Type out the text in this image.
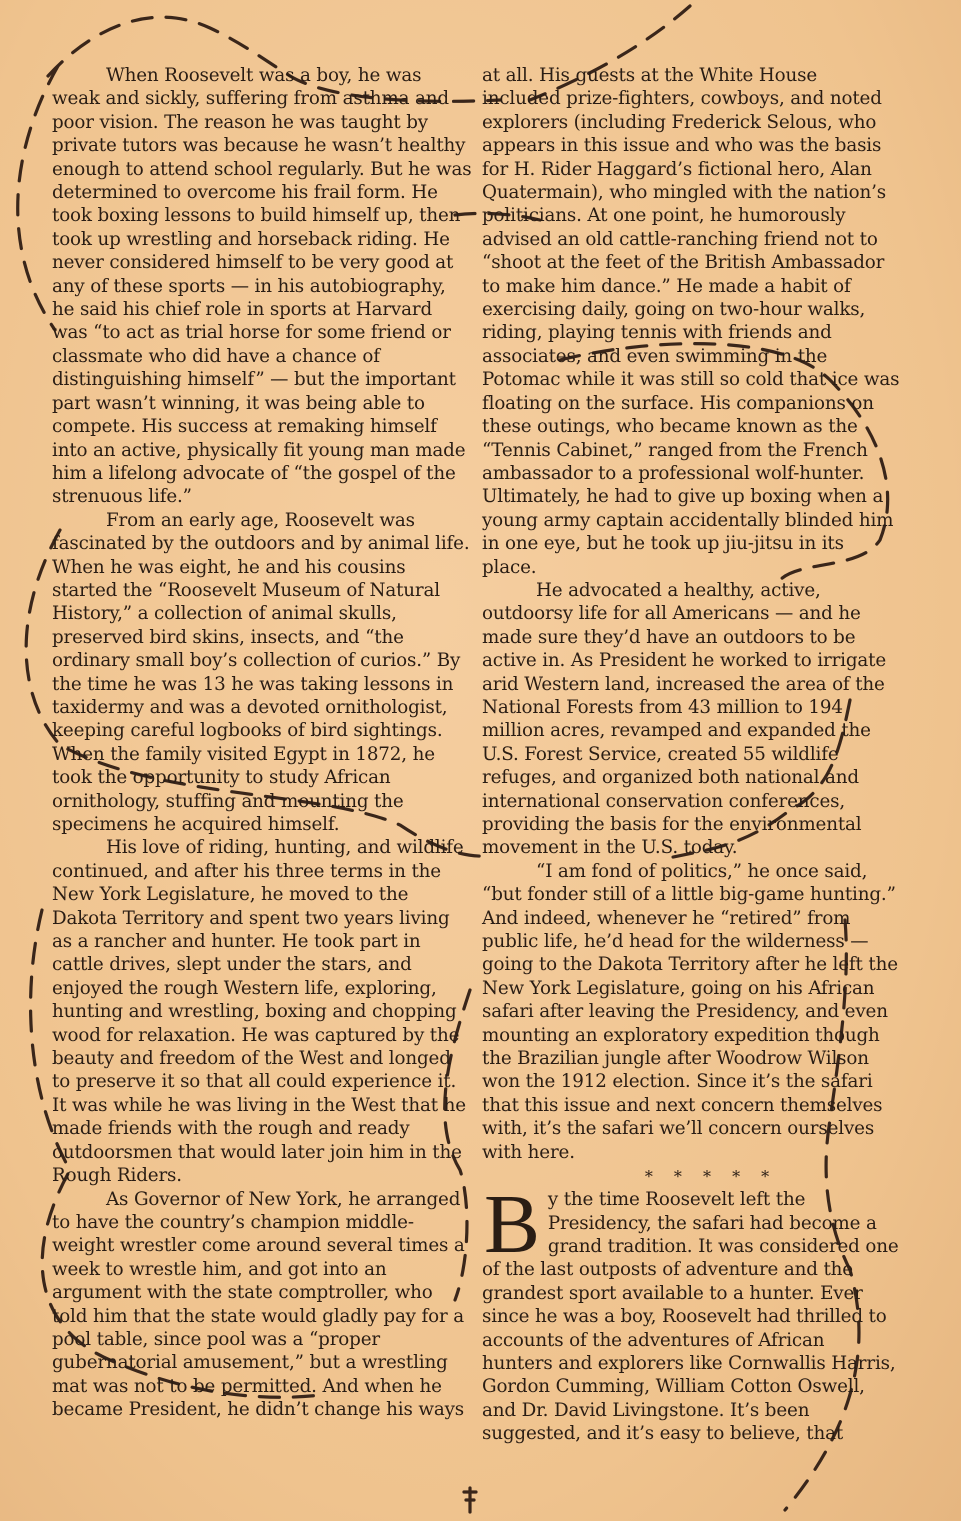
When Roosevelt was a boy, he was weak and sickly, suffering from asthma and poor vision. The reason he was taught by private tutors was because he wasn’t healthy enough to attend school regularly. But he was determined to overcome his frail form. He took boxing lessons to build himself up, then took up wrestling and horseback riding. He never considered himself to be very good at any of these sports — in his autobiography, he said his chief role in sports at Harvard was “to act as trial horse for some friend or classmate who did have a chance of distinguishing himself” — but the important part wasn’t winning, it was being able to compete. His success at remaking himself into an active, physically fit young man made him a lifelong advocate of “the gospel of the strenuous life.”

From an early age, Roosevelt was fascinated by the outdoors and by animal life. When he was eight, he and his cousins started the “Roosevelt Museum of Natural History,” a collection of animal skulls, preserved bird skins, insects, and “the ordinary small boy’s collection of curios.” By the time he was 13 he was taking lessons in taxidermy and was a devoted ornithologist, keeping careful logbooks of bird sightings. When the family visited Egypt in 1872, he took the opportunity to study African ornithology, stuffing and mounting the specimens he acquired himself.

His love of riding, hunting, and wildlife continued, and after his three terms in the New York Legislature, he moved to the Dakota Territory and spent two years living as a rancher and hunter. He took part in cattle drives, slept under the stars, and enjoyed the rough Western life, exploring, hunting and wrestling, boxing and chopping wood for relaxation. He was captured by the beauty and freedom of the West and longed to preserve it so that all could experience it. It was while he was living in the West that he made friends with the rough and ready outdoorsmen that would later join him in the Rough Riders.

As Governor of New York, he arranged to have the country’s champion middle-weight wrestler come around several times a week to wrestle him, and got into an argument with the state comptroller, who told him that the state would gladly pay for a pool table, since pool was a “proper gubernatorial amusement,” but a wrestling mat was not to be permitted. And when he became President, he didn’t change his ways

at all. His guests at the White House included prize-fighters, cowboys, and noted explorers (including Frederick Selous, who appears in this issue and who was the basis for H. Rider Haggard’s fictional hero, Alan Quatermain), who mingled with the nation’s politicians. At one point, he humorously advised an old cattle-ranching friend not to “shoot at the feet of the British Ambassador to make him dance.” He made a habit of exercising daily, going on two-hour walks, riding, playing tennis with friends and associates, and even swimming in the Potomac while it was still so cold that ice was floating on the surface. His companions on these outings, who became known as the “Tennis Cabinet,” ranged from the French ambassador to a professional wolf-hunter. Ultimately, he had to give up boxing when a young army captain accidentally blinded him in one eye, but he took up jiu-jitsu in its place.

He advocated a healthy, active, outdoorsy life for all Americans — and he made sure they’d have an outdoors to be active in. As President he worked to irrigate arid Western land, increased the area of the National Forests from 43 million to 194 million acres, revamped and expanded the U.S. Forest Service, created 55 wildlife refuges, and organized both national and international conservation conferences, providing the basis for the environmental movement in the U.S. today.

“I am fond of politics,” he once said, “but fonder still of a little big-game hunting.” And indeed, whenever he “retired” from public life, he’d head for the wilderness — going to the Dakota Territory after he left the New York Legislature, going on his African safari after leaving the Presidency, and even mounting an exploratory expedition though the Brazilian jungle after Woodrow Wilson won the 1912 election. Since it’s the safari that this issue and next concern themselves with, it’s the safari we’ll concern ourselves with here.

* * * * *

By the time Roosevelt left the Presidency, the safari had become a grand tradition. It was considered one of the last outposts of adventure and the grandest sport available to a hunter. Ever since he was a boy, Roosevelt had thrilled to accounts of the adventures of African hunters and explorers like Cornwallis Harris, Gordon Cumming, William Cotton Oswell, and Dr. David Livingstone. It’s been suggested, and it’s easy to believe, that
